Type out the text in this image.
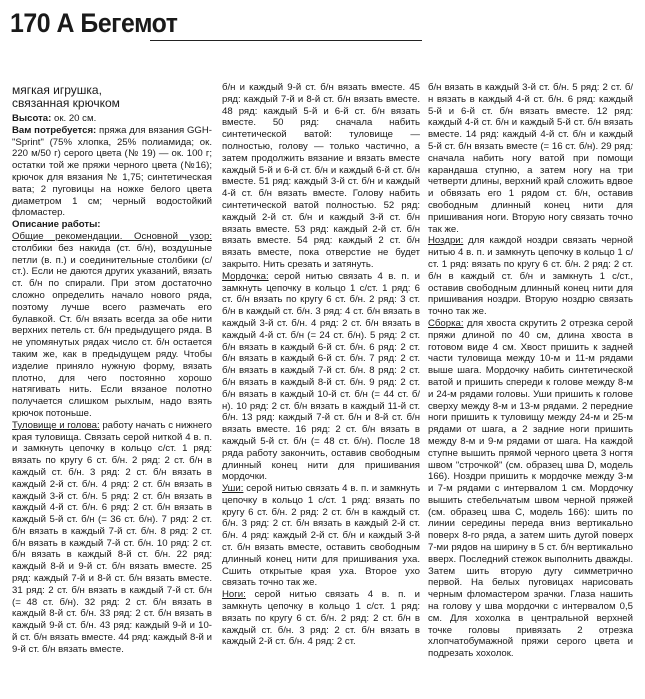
170 А Бегемот
мягкая игрушка,
связанная крючком

Высота: ок. 20 см.

Вам потребуется: пряжа для вязания GGH-"Sprint" (75% хлопка, 25% полиамида; ок. 220 м/50 г) серого цвета (№ 19) — ок. 100 г; остатки той же пряжи черного цвета (№16); крючок для вязания № 1,75; синтетическая вата; 2 пуговицы на ножке белого цвета диаметром 1 см; черный водостойкий фломастер.

Описание работы:

Общие рекомендации. Основной узор: столбики без накида (ст. б/н), воздушные петли (в. п.) и соединительные столбики (с/ст.). Если не даются других указаний, вязать ст. б/н по спирали. При этом достаточно сложно определить начало нового ряда, поэтому лучше всего размечать его булавкой. Ст. б/н вязать всегда за обе нити верхних петель ст. б/н предыдущего ряда. В не упомянутых рядах число ст. б/н остается таким же, как в предыдущем ряду. Чтобы изделие приняло нужную форму, вязать плотно, для чего постоянно хорошо натягивать нить. Если вязаное полотно получается слишком рыхлым, надо взять крючок потоньше.

Туловище и голова: работу начать с нижнего края туловища. Связать серой ниткой 4 в. п. и замкнуть цепочку в кольцо с/ст. 1 ряд: вязать по кругу 6 ст. б/н. 2 ряд: 2 ст. б/н в каждый ст. б/н. 3 ряд: 2 ст. б/н вязать в каждый 2-й ст. б/н. 4 ряд: 2 ст. б/н вязать в каждый 3-й ст. б/н. 5 ряд: 2 ст. б/н вязать в каждый 4-й ст. б/н. 6 ряд: 2 ст. б/н вязать в каждый 5-й ст. б/н (= 36 ст. б/н). 7 ряд: 2 ст. б/н вязать в каждый 7-й ст. б/н. 8 ряд: 2 ст. б/н вязать в каждый 7-й ст. б/н. 10 ряд: 2 ст. б/н вязать в каждый 8-й ст. б/н. 22 ряд: каждый 8-й и 9-й ст. б/н вязать вместе. 25 ряд: каждый 7-й и 8-й ст. б/н вязать вместе. 31 ряд: 2 ст. б/н вязать в каждый 7-й ст. б/н (= 48 ст. б/н). 32 ряд: 2 ст. б/н вязать в каждый 8-й ст. б/н. 33 ряд: 2 ст. б/н вязать в каждый 9-й ст. б/н. 43 ряд: каждый 9-й и 10-й ст. б/н вязать вместе. 44 ряд: каждый 8-й и 9-й ст. б/н вязать вместе.

б/н и каждый 9-й ст. б/н вязать вместе. 45 ряд: каждый 7-й и 8-й ст. б/н вязать вместе. 48 ряд: каждый 5-й и 6-й ст. б/н вязать вместе. 50 ряд: сначала набить синтетической ватой: туловище — полностью, голову — только частично, а затем продолжить вязание и вязать вместе каждый 5-й и 6-й ст. б/н и каждый 6-й ст. б/н вместе. 51 ряд: каждый 3-й ст. б/н и каждый 4-й ст. б/н вязать вместе. Голову набить синтетической ватой полностью. 52 ряд: каждый 2-й ст. б/н и каждый 3-й ст. б/н вязать вместе. 53 ряд: каждый 2-й ст. б/н вязать вместе. 54 ряд: каждый 2 ст. б/н вязать вместе, пока отверстие не будет закрыто. Нить срезать и затянуть.

Мордочка: серой нитью связать 4 в. п. и замкнуть цепочку в кольцо 1 с/ст. 1 ряд: 6 ст. б/н вязать по кругу 6 ст. б/н. 2 ряд: 3 ст. б/н в каждый ст. б/н. 3 ряд: 4 ст. б/н вязать в каждый 3-й ст. б/н. 4 ряд: 2 ст. б/н вязать в каждый 4-й ст. б/н (= 24 ст. б/н). 5 ряд: 2 ст. б/н вязать в каждый 6-й ст. б/н. 6 ряд: 2 ст. б/н вязать в каждый 6-й ст. б/н. 7 ряд: 2 ст. б/н вязать в каждый 7-й ст. б/н. 8 ряд: 2 ст. б/н вязать в каждый 8-й ст. б/н. 9 ряд: 2 ст. б/н вязать в каждый 10-й ст. б/н (= 44 ст. б/н). 10 ряд: 2 ст. б/н вязать в каждый 11-й ст. б/н. 13 ряд: каждый 7-й ст. б/н и 8-й ст. б/н вязать вместе. 16 ряд: 2 ст. б/н вязать в каждый 5-й ст. б/н (= 48 ст. б/н). После 18 ряда работу закончить, оставив свободным длинный конец нити для пришивания мордочки.

Уши: серой нитью связать 4 в. п. и замкнуть цепочку в кольцо 1 с/ст. 1 ряд: вязать по кругу 6 ст. б/н. 2 ряд: 2 ст. б/н в каждый ст. б/н. 3 ряд: 2 ст. б/н вязать в каждый 2-й ст. б/н. 4 ряд: каждый 2-й ст. б/н и каждый 3-й ст. б/н вязать вместе, оставить свободным длинный конец нити для пришивания уха. Сшить открытые края уха. Второе ухо связать точно так же.

Ноги: серой нитью связать 4 в. п. и замкнуть цепочку в кольцо 1 с/ст. 1 ряд: вязать по кругу 6 ст. б/н. 2 ряд: 2 ст. б/н в каждый ст. б/н. 3 ряд: 2 ст. б/н вязать в каждый 2-й ст. б/н. 4 ряд: 2 ст.

б/н вязать в каждый 3-й ст. б/н. 5 ряд: 2 ст. б/н вязать в каждый 4-й ст. б/н. 6 ряд: каждый 5-й и 6-й ст. б/н вязать вместе. 12 ряд: каждый 4-й ст. б/н и каждый 5-й ст. б/н вязать вместе. 14 ряд: каждый 4-й ст. б/н и каждый 5-й ст. б/н вязать вместе (= 16 ст. б/н). 29 ряд: сначала набить ногу ватой при помощи карандаша ступню, а затем ногу на три четверти длины, верхний край сложить вдвое и обвязать его 1 рядом ст. б/н, оставив свободным длинный конец нити для пришивания ноги. Вторую ногу связать точно так же.

Ноздри: для каждой ноздри связать черной нитью 4 в. п. и замкнуть цепочку в кольцо 1 с/ст. 1 ряд: вязать по кругу 6 ст. б/н. 2 ряд: 2 ст. б/н в каждый ст. б/н и замкнуть 1 с/ст., оставив свободным длинный конец нити для пришивания ноздри. Вторую ноздрю связать точно так же.

Сборка: для хвоста скрутить 2 отрезка серой пряжи длиной по 40 см, длина хвоста в готовом виде 4 см. Хвост пришить к задней части туловища между 10-м и 11-м рядами выше шага. Мордочку набить синтетической ватой и пришить спереди к голове между 8-м и 24-м рядами головы. Уши пришить к голове сверху между 8-м и 13-м рядами. 2 передние ноги пришить к туловищу между 24-м и 25-м рядами от шага, а 2 задние ноги пришить между 8-м и 9-м рядами от шага. На каждой ступне вышить прямой черного цвета 3 ногтя швом "строчкой" (см. образец шва D, модель 166). Ноздри пришить к мордочке между 3-м и 7-м рядами с интервалом 1 см. Мордочку вышить стебельчатым швом черной пряжей (см. образец шва C, модель 166): шить по линии середины переда вниз вертикально поверх 8-го ряда, а затем шить дугой поверх 7-ми рядов на ширину в 5 ст. б/н вертикально вверх. Последний стежок выполнить дважды. Затем шить вторую дугу симметрично первой. На белых пуговицах нарисовать черным фломастером зрачки. Глаза нашить на голову у шва мордочки с интервалом 0,5 см. Для хохолка в центральной верхней точке головы привязать 2 отрезка хлопчатобумажной пряжи серого цвета и подрезать хохолок.
